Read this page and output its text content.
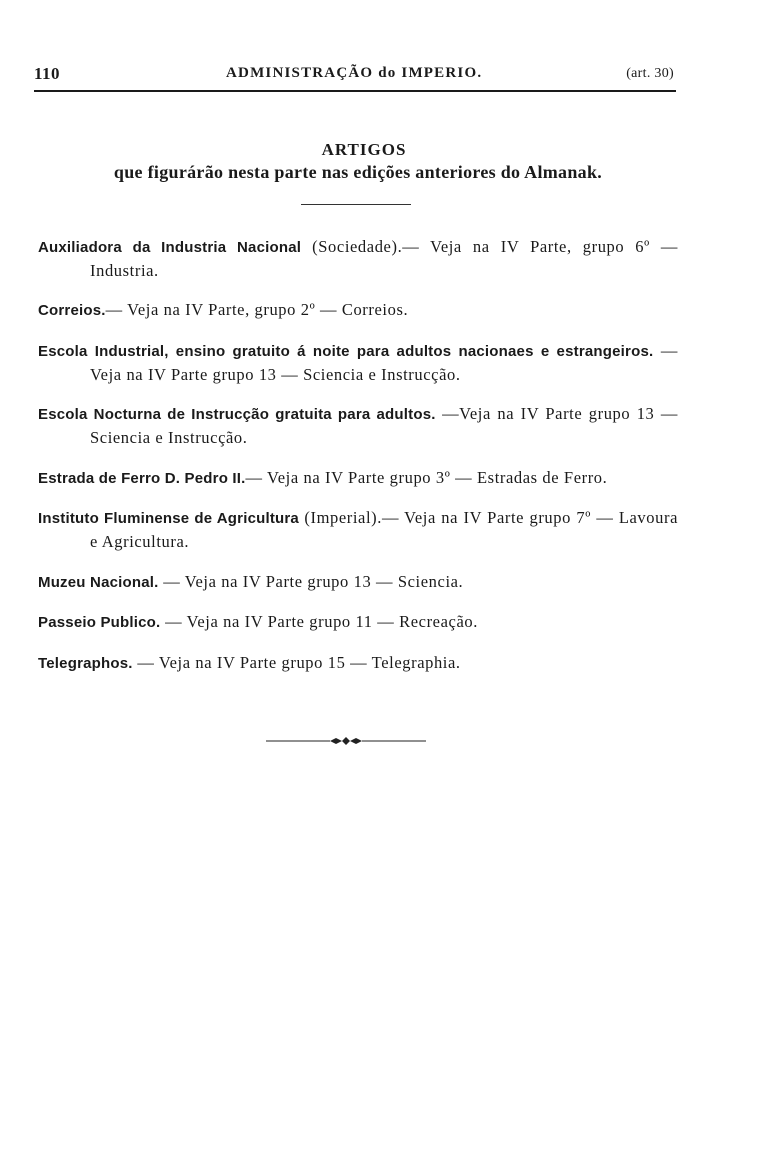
110	ADMINISTRAÇÃO do IMPERIO.	(art. 30)
ARTIGOS
que figurárão nesta parte nas edições anteriores do Almanak.

Auxiliadora da Industria Nacional (Sociedade).— Veja na IV Parte, grupo 6º — Industria.

Correios.— Veja na IV Parte, grupo 2º — Correios.

Escola Industrial, ensino gratuito á noite para adultos nacionaes e estrangeiros. — Veja na IV Parte grupo 13 — Sciencia e Instrucção.

Escola Nocturna de Instrucção gratuita para adultos. —Veja na IV Parte grupo 13 — Sciencia e Instrucção.

Estrada de Ferro D. Pedro II.— Veja na IV Parte grupo 3º — Estradas de Ferro.

Instituto Fluminense de Agricultura (Imperial).— Veja na IV Parte grupo 7º — Lavoura e Agricultura.

Muzeu Nacional. — Veja na IV Parte grupo 13 — Sciencia.

Passeio Publico. — Veja na IV Parte grupo 11 — Recreação.

Telegraphos. — Veja na IV Parte grupo 15 — Telegraphia.
